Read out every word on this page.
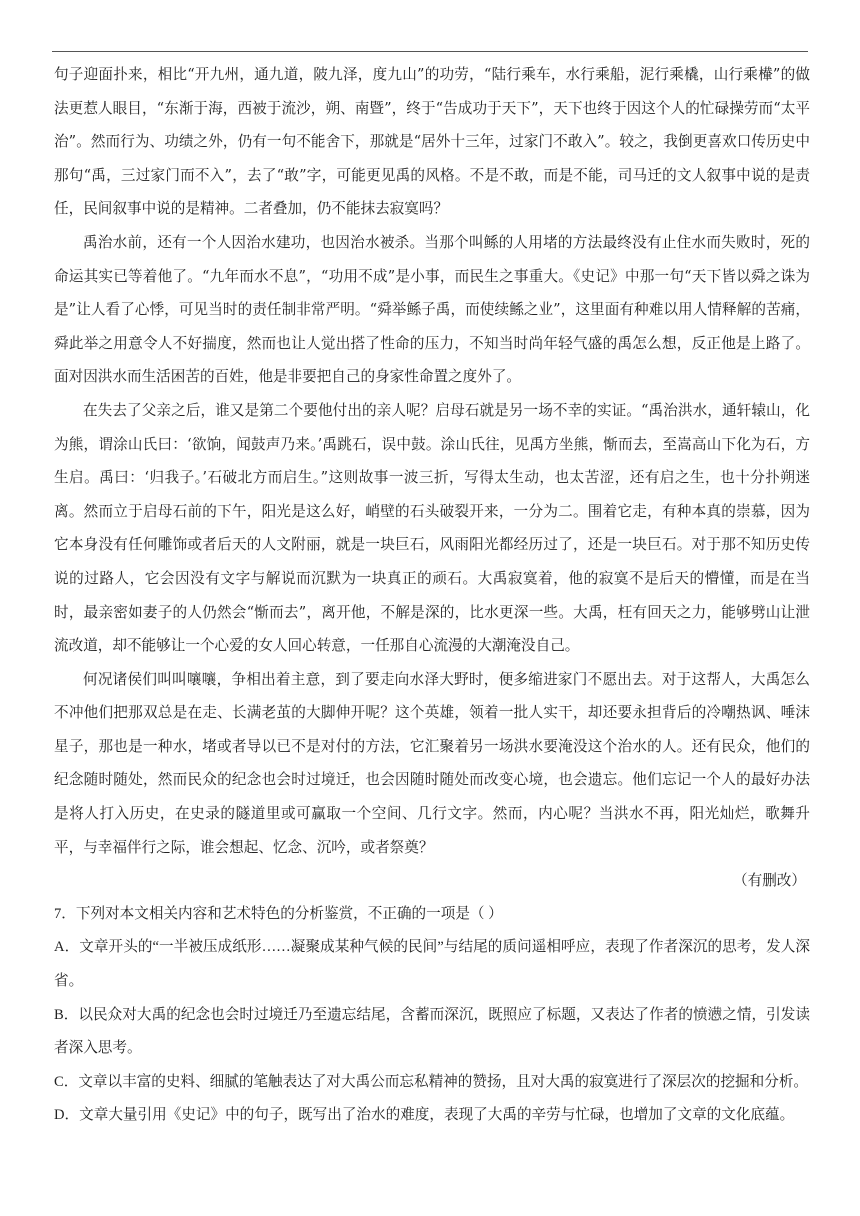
句子迎面扑来，相比“开九州，通九道，陂九泽，度九山”的功劳，“陆行乘车，水行乘船，泥行乘橇，山行乘檋”的做法更惹人眼目，“东渐于海，西被于流沙，朔、南暨”，终于“告成功于天下”，天下也终于因这个人的忙碌操劳而“太平治”。然而行为、功绩之外，仍有一句不能舍下，那就是“居外十三年，过家门不敢入”。较之，我倒更喜欢口传历史中那句“禹，三过家门而不入”，去了“敢”字，可能更见禹的风格。不是不敢，而是不能，司马迁的文人叙事中说的是责任，民间叙事中说的是精神。二者叠加，仍不能抹去寂寞吗？

禹治水前，还有一个人因治水建功，也因治水被杀。当那个叫鲧的人用堵的方法最终没有止住水而失败时，死的命运其实已等着他了。“九年而水不息”，“功用不成”是小事，而民生之事重大。《史记》中那一句“天下皆以舜之诛为是”让人看了心悸，可见当时的责任制非常严明。“舜举鲧子禹，而使续鲧之业”，这里面有种难以用人情释解的苦痛，舜此举之用意令人不好揣度，然而也让人觉出搭了性命的压力，不知当时尚年轻气盛的禹怎么想，反正他是上路了。面对因洪水而生活困苦的百姓，他是非要把自己的身家性命置之度外了。

在失去了父亲之后，谁又是第二个要他付出的亲人呢？启母石就是另一场不幸的实证。“禹治洪水，通轩辕山，化为熊，谓涂山氏曰：‘欲饷，闻鼓声乃来。’禹跳石，误中鼓。涂山氏往，见禹方坐熊，惭而去，至嵩高山下化为石，方生启。禹曰：‘归我子。’石破北方而启生。”这则故事一波三折，写得太生动，也太苦涩，还有启之生，也十分扑朔迷离。然而立于启母石前的下午，阳光是这么好，峭壁的石头破裂开来，一分为二。围着它走，有种本真的崇慕，因为它本身没有任何雕饰或者后天的人文附丽，就是一块巨石，风雨阳光都经历过了，还是一块巨石。对于那不知历史传说的过路人，它会因没有文字与解说而沉默为一块真正的顽石。大禹寂寞着，他的寂寞不是后天的懵懂，而是在当时，最亲密如妻子的人仍然会“惭而去”，离开他，不解是深的，比水更深一些。大禹，枉有回天之力，能够劈山让泄流改道，却不能够让一个心爱的女人回心转意，一任那自心流漫的大潮淹没自己。

何况诸侯们叫叫嚷嚷，争相出着主意，到了要走向水泽大野时，便多缩进家门不愿出去。对于这帮人，大禹怎么不冲他们把那双总是在走、长满老茧的大脚伸开呢？这个英雄，领着一批人实干，却还要永担背后的冷嘲热讽、唾沫星子，那也是一种水，堵或者导以已不是对付的方法，它汇聚着另一场洪水要淹没这个治水的人。还有民众，他们的纪念随时随处，然而民众的纪念也会时过境迁，也会因随时随处而改变心境，也会遗忘。他们忘记一个人的最好办法是将人打入历史，在史录的隧道里或可赢取一个空间、几行文字。然而，内心呢？当洪水不再，阳光灿烂，歌舞升平，与幸福伴行之际，谁会想起、忆念、沉吟，或者祭奠？

（有删改）

7．下列对本文相关内容和艺术特色的分析鉴赏，不正确的一项是（ ）

A．文章开头的“一半被压成纸形……凝聚成某种气候的民间”与结尾的质问遥相呼应，表现了作者深沉的思考，发人深省。

B．以民众对大禹的纪念也会时过境迁乃至遗忘结尾，含蓄而深沉，既照应了标题，又表达了作者的愤懑之情，引发读者深入思考。

C．文章以丰富的史料、细腻的笔触表达了对大禹公而忘私精神的赞扬，且对大禹的寂寞进行了深层次的挖掘和分析。

D．文章大量引用《史记》中的句子，既写出了治水的难度，表现了大禹的辛劳与忙碌，也增加了文章的文化底蕴。
